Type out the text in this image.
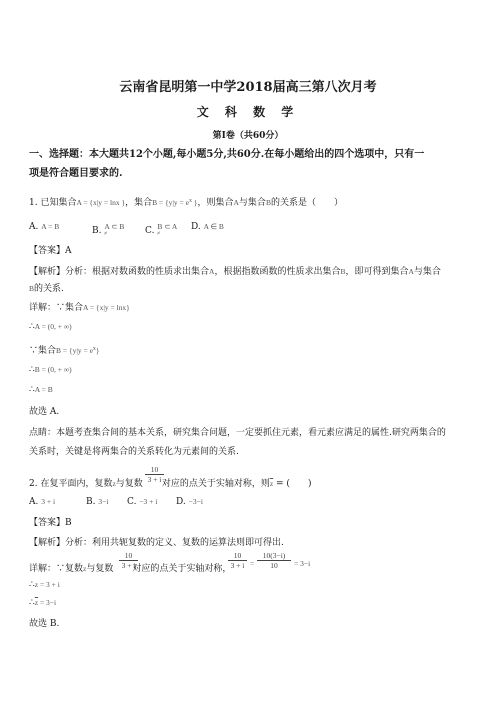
云南省昆明第一中学2018届高三第八次月考
文 科 数 学
第Ⅰ卷（共60分）
一、选择题：本大题共12个小题,每小题5分,共60分.在每小题给出的四个选项中，只有一
项是符合题目要求的.
1. 已知集合A = {x|y = lnx }，集合$B = \{y|y = e^x$ }，则集合A与集合B的关系是（　　）
A. A = B	B. $^{A \subset B}$
≠	C. $^{B \subset A}$
≠
D. A ∈ B
【答案】A
【解析】分析：根据对数函数的性质求出集合A，根据指数函数的性质求出集合B，即可得到集合A与集合
B的关系.
详解：∵集合A = {x|y = lnx}
∴A = (0, + ∞)
∵集合$B = \{y|y = e^x\}$
∴B = (0, + ∞)
∴A = B
故选 A.
点睛：本题考查集合间的基本关系，研究集合问题，一定要抓住元素，看元素应满足的属性.研究两集合的
关系时，关键是将两集合的关系转化为元素间的关系.
$\frac{10}{3 + i}$
2. 在复平面内，复数z与复数 对应的点关于实轴对称，则$\overline{z}$ = (　　)
A. 3 + i	B. 3−i C. −3 + i D. −3−i
【答案】B
【解析】分析：利用共轭复数的定义、复数的运算法则即可得出.
$\frac{10}{3 + i}$
详解：∵复数z与复数 对应的点关于实轴对称，
$\frac{10}{3 + i} = \frac{10(3-i)}{10} = 3-i$
∴z = 3 + i
$\therefore\overline{z} = 3-i$
故选 B.
